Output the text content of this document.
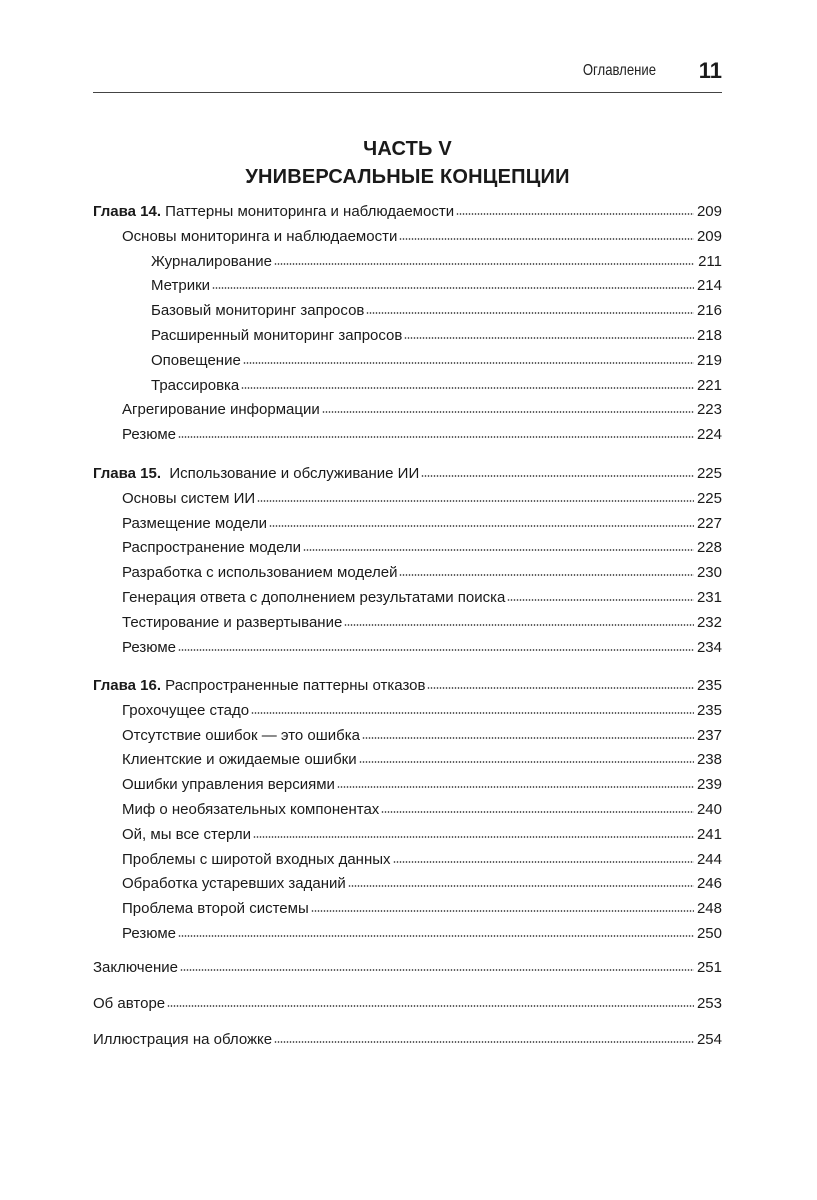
Оглавление	11
ЧАСТЬ V
УНИВЕРСАЛЬНЫЕ КОНЦЕПЦИИ
Глава 14. Паттерны мониторинга и наблюдаемости	209
Основы мониторинга и наблюдаемости	209
Журналирование	211
Метрики	214
Базовый мониторинг запросов	216
Расширенный мониторинг запросов	218
Оповещение	219
Трассировка	221
Агрегирование информации	223
Резюме	224
Глава 15.  Использование и обслуживание ИИ	225
Основы систем ИИ	225
Размещение модели	227
Распространение модели	228
Разработка с использованием моделей	230
Генерация ответа с дополнением результатами поиска	231
Тестирование и развертывание	232
Резюме	234
Глава 16. Распространенные паттерны отказов	235
Грохочущее стадо	235
Отсутствие ошибок — это ошибка	237
Клиентские и ожидаемые ошибки	238
Ошибки управления версиями	239
Миф о необязательных компонентах	240
Ой, мы все стерли	241
Проблемы с широтой входных данных	244
Обработка устаревших заданий	246
Проблема второй системы	248
Резюме	250
Заключение	251
Об авторе	253
Иллюстрация на обложке	254
